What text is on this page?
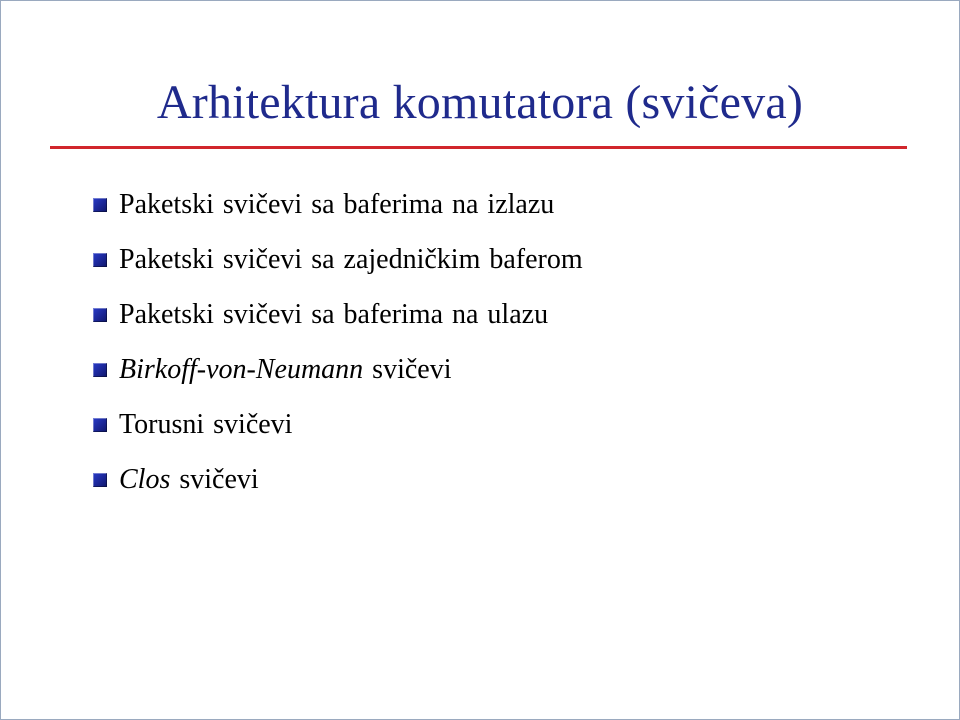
Arhitektura komutatora (svičeva)
Paketski svičevi sa baferima na izlazu
Paketski svičevi sa zajedničkim baferom
Paketski svičevi sa baferima na ulazu
Birkoff-von-Neumann svičevi
Torusni svičevi
Clos svičevi
